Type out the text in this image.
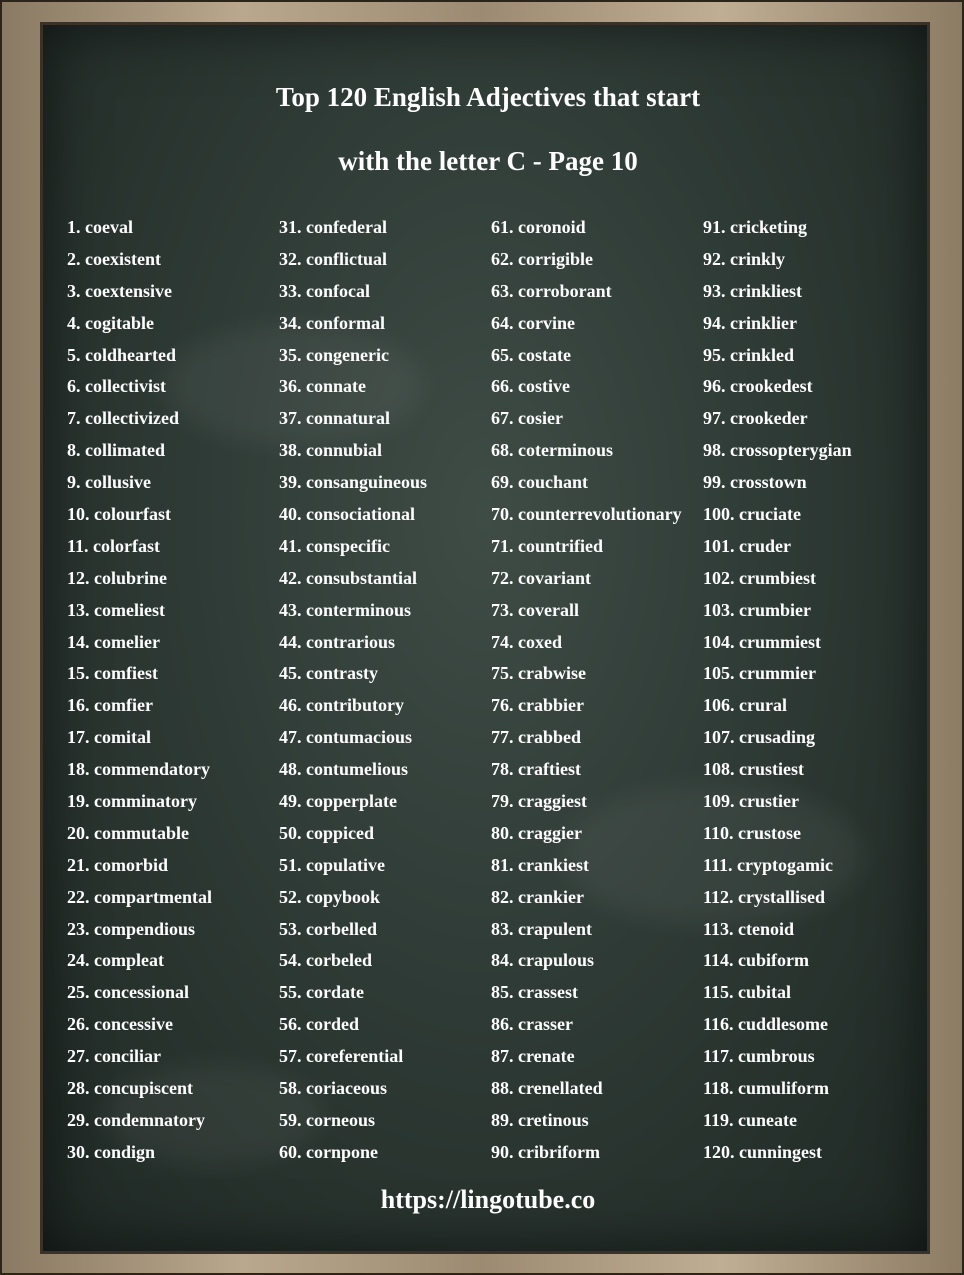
Top 120 English Adjectives that start
with the letter C - Page 10
1. coeval
2. coexistent
3. coextensive
4. cogitable
5. coldhearted
6. collectivist
7. collectivized
8. collimated
9. collusive
10. colourfast
11. colorfast
12. colubrine
13. comeliest
14. comelier
15. comfiest
16. comfier
17. comital
18. commendatory
19. comminatory
20. commutable
21. comorbid
22. compartmental
23. compendious
24. compleat
25. concessional
26. concessive
27. conciliar
28. concupiscent
29. condemnatory
30. condign
31. confederal
32. conflictual
33. confocal
34. conformal
35. congeneric
36. connate
37. connatural
38. connubial
39. consanguineous
40. consociational
41. conspecific
42. consubstantial
43. conterminous
44. contrarious
45. contrasty
46. contributory
47. contumacious
48. contumelious
49. copperplate
50. coppiced
51. copulative
52. copybook
53. corbelled
54. corbeled
55. cordate
56. corded
57. coreferential
58. coriaceous
59. corneous
60. cornpone
61. coronoid
62. corrigible
63. corroborant
64. corvine
65. costate
66. costive
67. cosier
68. coterminous
69. couchant
70. counterrevolutionary
71. countrified
72. covariant
73. coverall
74. coxed
75. crabwise
76. crabbier
77. crabbed
78. craftiest
79. craggiest
80. craggier
81. crankiest
82. crankier
83. crapulent
84. crapulous
85. crassest
86. crasser
87. crenate
88. crenellated
89. cretinous
90. cribriform
91. cricketing
92. crinkly
93. crinkliest
94. crinklier
95. crinkled
96. crookedest
97. crookeder
98. crossopterygian
99. crosstown
100. cruciate
101. cruder
102. crumbiest
103. crumbier
104. crummiest
105. crummier
106. crural
107. crusading
108. crustiest
109. crustier
110. crustose
111. cryptogamic
112. crystallised
113. ctenoid
114. cubiform
115. cubital
116. cuddlesome
117. cumbrous
118. cumuliform
119. cuneate
120. cunningest
https://lingotube.co
